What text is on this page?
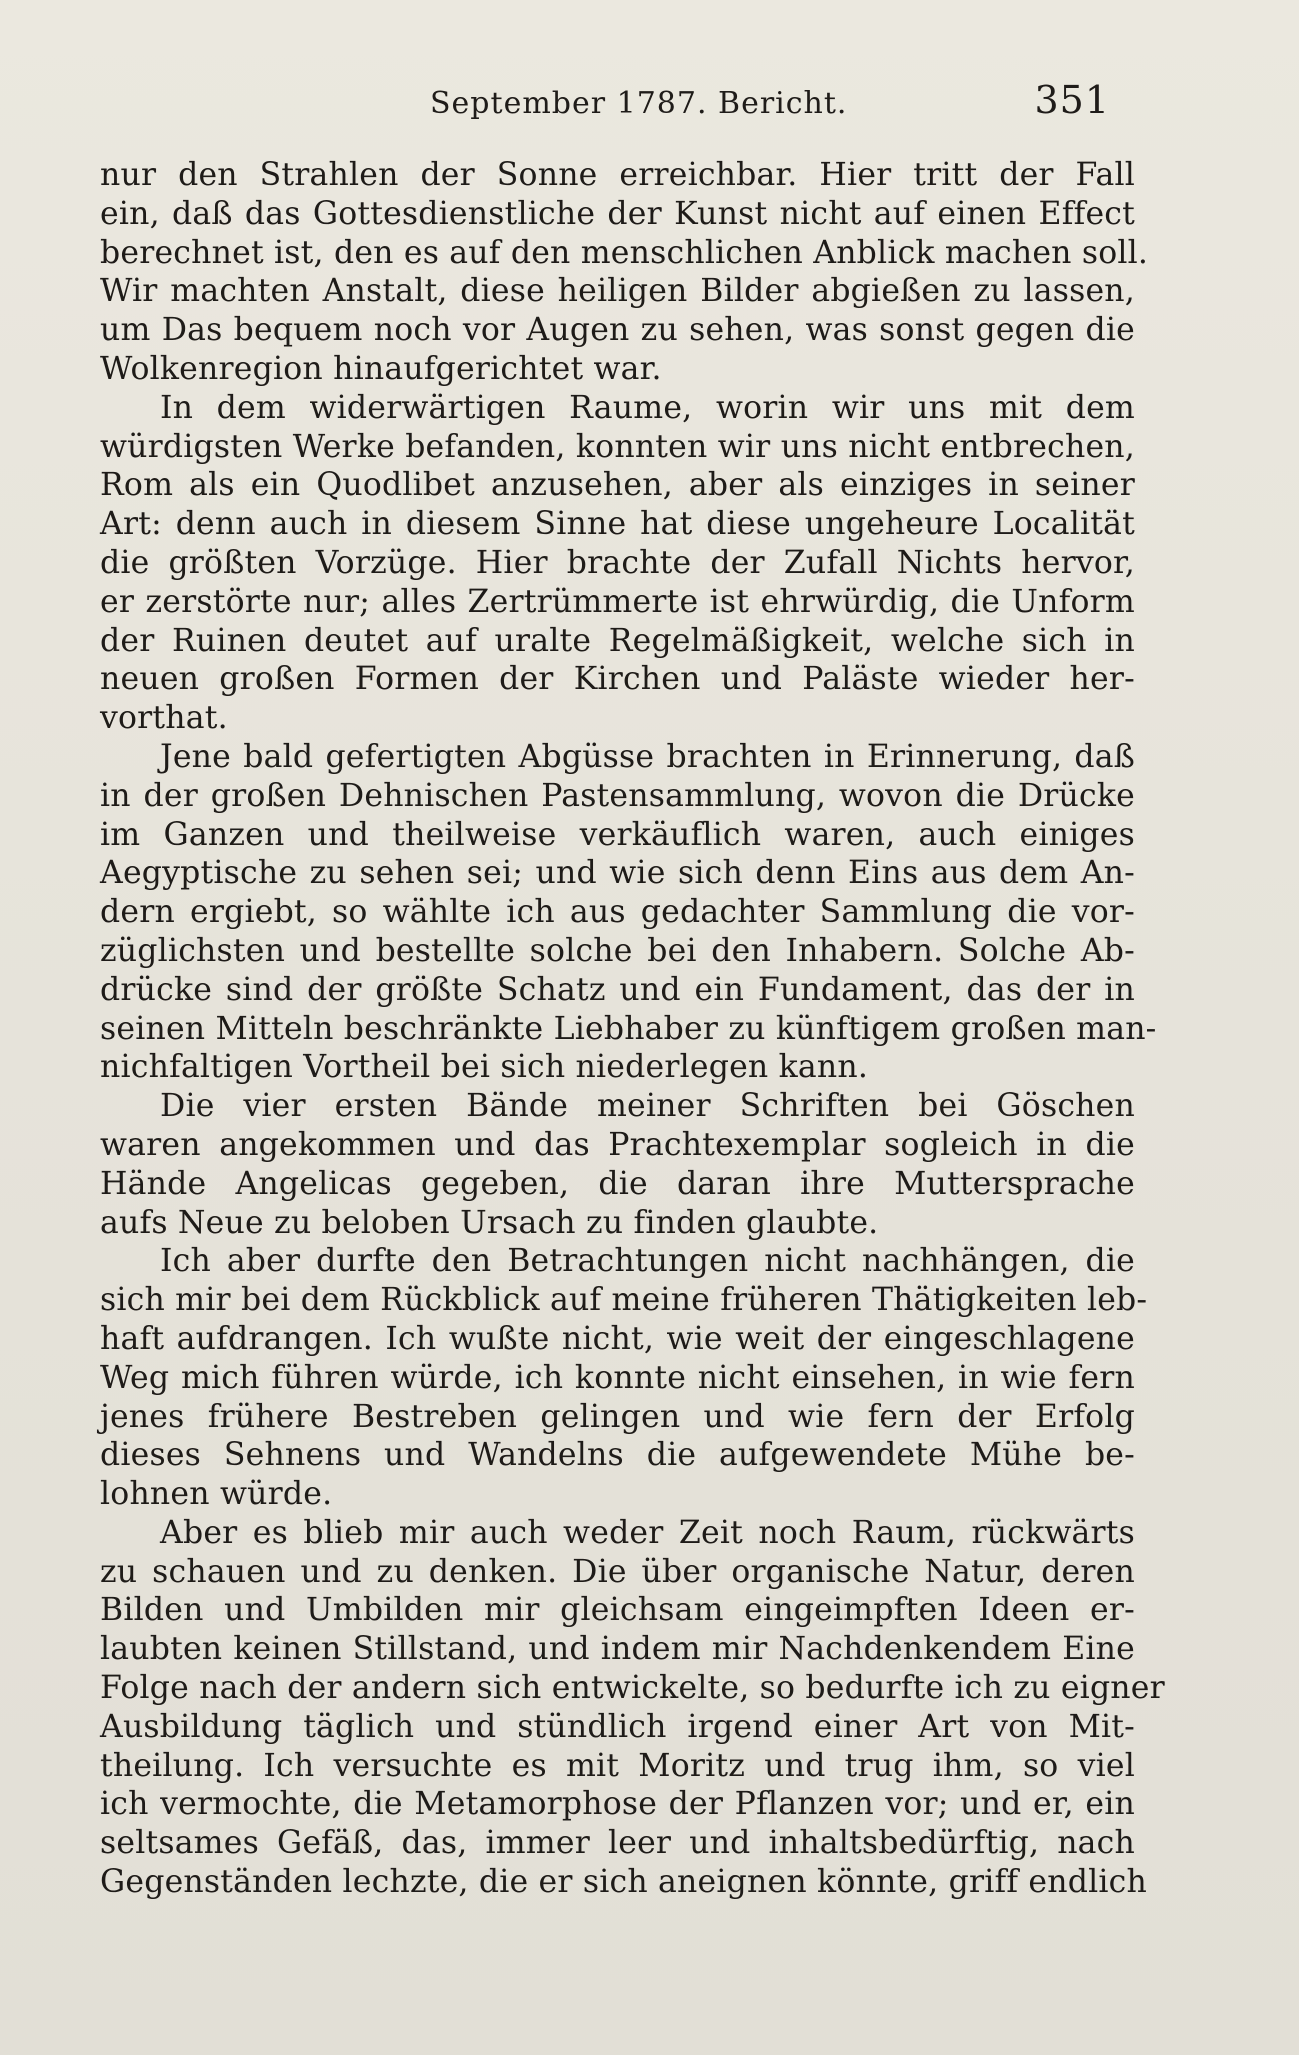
September 1787. Bericht.	351
nur den Strahlen der Sonne erreichbar. Hier tritt der Fall
ein, daß das Gottesdienstliche der Kunst nicht auf einen Effect
berechnet ist, den es auf den menschlichen Anblick machen soll.
Wir machten Anstalt, diese heiligen Bilder abgießen zu lassen,
um Das bequem noch vor Augen zu sehen, was sonst gegen die
Wolkenregion hinaufgerichtet war.
In dem widerwärtigen Raume, worin wir uns mit dem
würdigsten Werke befanden, konnten wir uns nicht entbrechen,
Rom als ein Quodlibet anzusehen, aber als einziges in seiner
Art: denn auch in diesem Sinne hat diese ungeheure Localität
die größten Vorzüge. Hier brachte der Zufall Nichts hervor,
er zerstörte nur; alles Zertrümmerte ist ehrwürdig, die Unform
der Ruinen deutet auf uralte Regelmäßigkeit, welche sich in
neuen großen Formen der Kirchen und Paläste wieder her-
vorthat.
Jene bald gefertigten Abgüsse brachten in Erinnerung, daß
in der großen Dehnischen Pastensammlung, wovon die Drücke
im Ganzen und theilweise verkäuflich waren, auch einiges
Aegyptische zu sehen sei; und wie sich denn Eins aus dem An-
dern ergiebt, so wählte ich aus gedachter Sammlung die vor-
züglichsten und bestellte solche bei den Inhabern. Solche Ab-
drücke sind der größte Schatz und ein Fundament, das der in
seinen Mitteln beschränkte Liebhaber zu künftigem großen man-
nichfaltigen Vortheil bei sich niederlegen kann.
Die vier ersten Bände meiner Schriften bei Göschen
waren angekommen und das Prachtexemplar sogleich in die
Hände Angelicas gegeben, die daran ihre Muttersprache
aufs Neue zu beloben Ursach zu finden glaubte.
Ich aber durfte den Betrachtungen nicht nachhängen, die
sich mir bei dem Rückblick auf meine früheren Thätigkeiten leb-
haft aufdrangen. Ich wußte nicht, wie weit der eingeschlagene
Weg mich führen würde, ich konnte nicht einsehen, in wie fern
jenes frühere Bestreben gelingen und wie fern der Erfolg
dieses Sehnens und Wandelns die aufgewendete Mühe be-
lohnen würde.
Aber es blieb mir auch weder Zeit noch Raum, rückwärts
zu schauen und zu denken. Die über organische Natur, deren
Bilden und Umbilden mir gleichsam eingeimpften Ideen er-
laubten keinen Stillstand, und indem mir Nachdenkendem Eine
Folge nach der andern sich entwickelte, so bedurfte ich zu eigner
Ausbildung täglich und stündlich irgend einer Art von Mit-
theilung. Ich versuchte es mit Moritz und trug ihm, so viel
ich vermochte, die Metamorphose der Pflanzen vor; und er, ein
seltsames Gefäß, das, immer leer und inhaltsbedürftig, nach
Gegenständen lechzte, die er sich aneignen könnte, griff endlich
